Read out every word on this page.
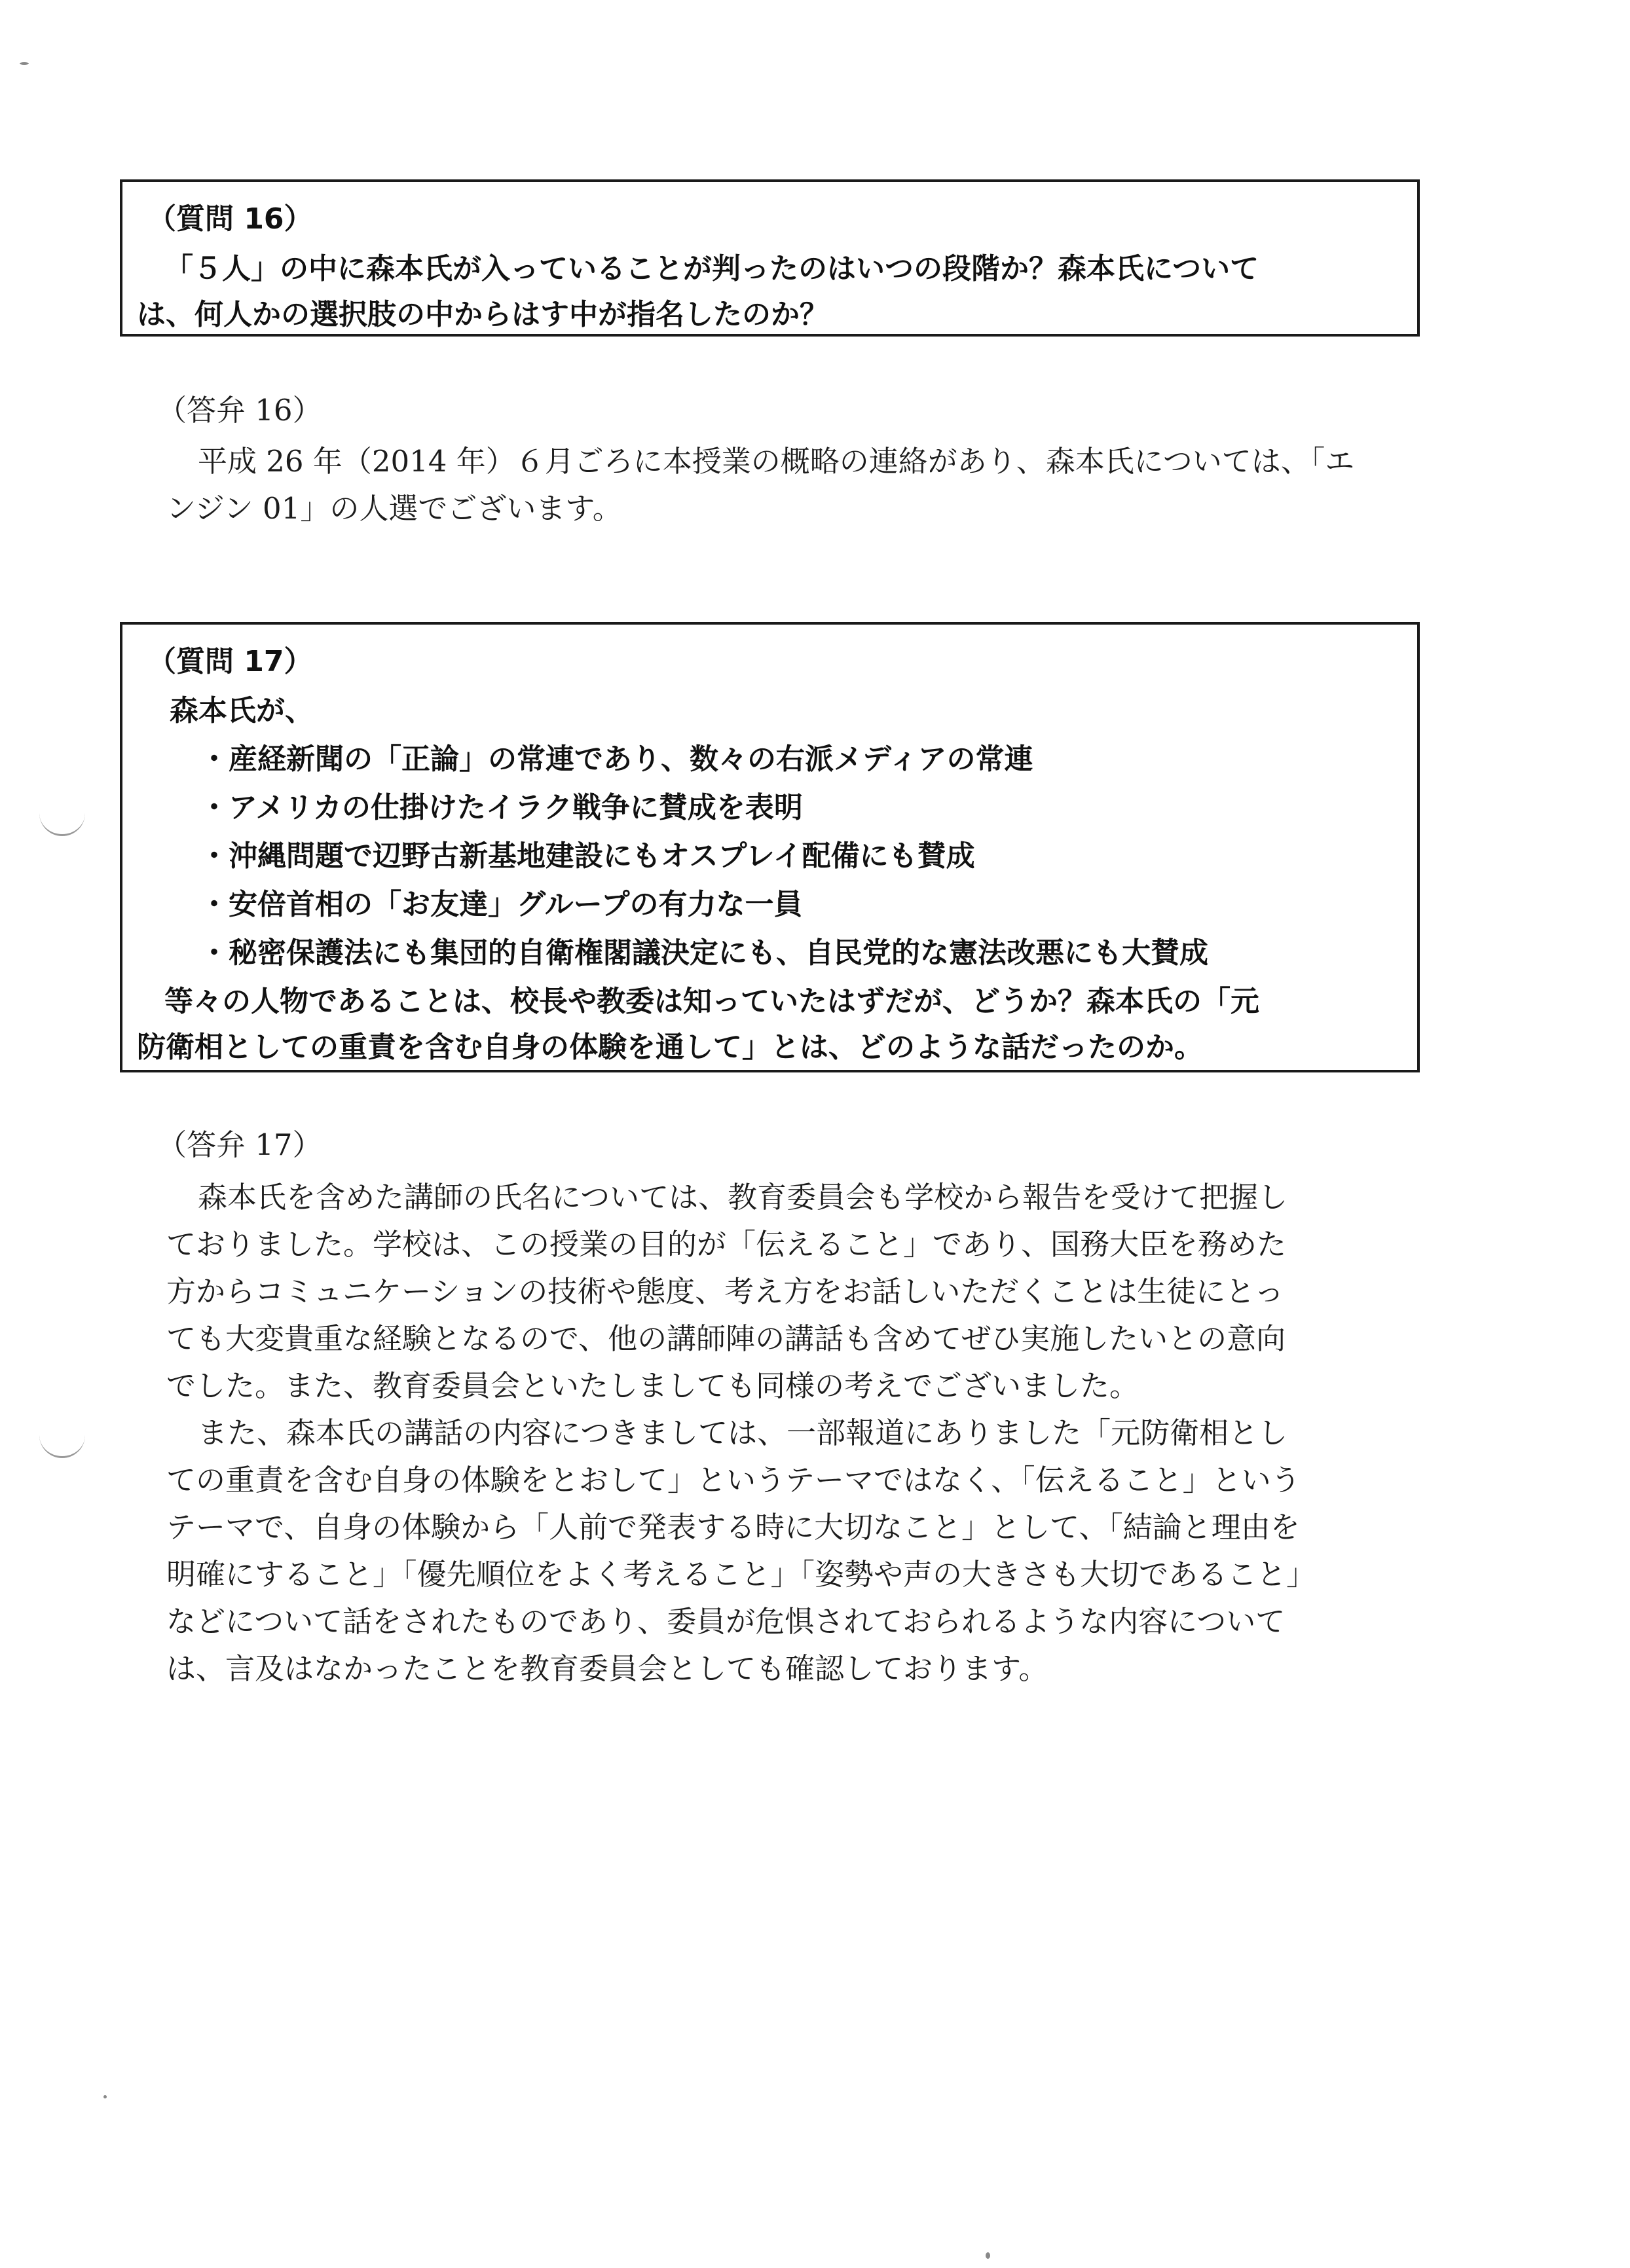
（質問 16）
「５人」の中に森本氏が入っていることが判ったのはいつの段階か？森本氏について
は、何人かの選択肢の中からはす中が指名したのか？
（答弁 16）
平成 26 年（2014 年）６月ごろに本授業の概略の連絡があり、森本氏については、「エ
ンジン 01」の人選でございます。
（質問 17）
森本氏が、
・産経新聞の「正論」の常連であり、数々の右派メディアの常連
・アメリカの仕掛けたイラク戦争に賛成を表明
・沖縄問題で辺野古新基地建設にもオスプレイ配備にも賛成
・安倍首相の「お友達」グループの有力な一員
・秘密保護法にも集団的自衛権閣議決定にも、自民党的な憲法改悪にも大賛成
等々の人物であることは、校長や教委は知っていたはずだが、どうか？森本氏の「元
防衛相としての重責を含む自身の体験を通して」とは、どのような話だったのか。
（答弁 17）
森本氏を含めた講師の氏名については、教育委員会も学校から報告を受けて把握し
ておりました。学校は、この授業の目的が「伝えること」であり、国務大臣を務めた
方からコミュニケーションの技術や態度、考え方をお話しいただくことは生徒にとっ
ても大変貴重な経験となるので、他の講師陣の講話も含めてぜひ実施したいとの意向
でした。また、教育委員会といたしましても同様の考えでございました。
また、森本氏の講話の内容につきましては、一部報道にありました「元防衛相とし
ての重責を含む自身の体験をとおして」というテーマではなく、「伝えること」という
テーマで、自身の体験から「人前で発表する時に大切なこと」として、「結論と理由を
明確にすること」「優先順位をよく考えること」「姿勢や声の大きさも大切であること」
などについて話をされたものであり、委員が危惧されておられるような内容について
は、言及はなかったことを教育委員会としても確認しております。
